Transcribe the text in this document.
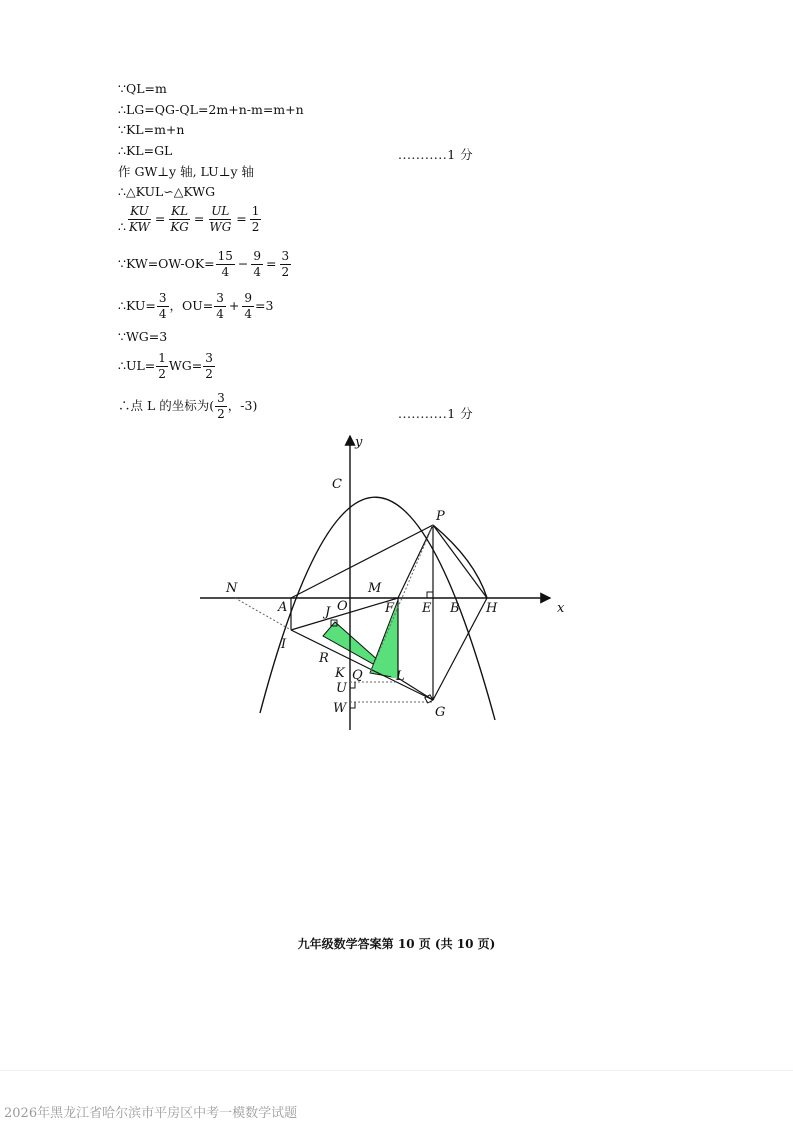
∵QL=m
∴LG=QG-QL=2m+n-m=m+n
∵KL=m+n
∴KL=GL	...........1 分
作 GW⊥y 轴, LU⊥y 轴
∴△KUL∽△KWG
∴ $\frac{KU}{KW} = \frac{KL}{KG} = \frac{UL}{WG} = \frac{1}{2}$
∵KW=OW-OK= $\frac{15}{4} - \frac{9}{4} = \frac{3}{2}$
∴KU= $\frac{3}{4}$ ，$OU= \frac{3}{4} + \frac{9}{4} =3$
∵WG=3
∴UL= $\frac{1}{2} WG= \frac{3}{2}$
∴点 L 的坐标为( $\frac{3}{2}$ ，-3)
...........1 分
y
x
C
P
N	M
A	O	F E B H
J
I
R
K Q	L
U
W	G
九年级数学答案第 10 页 (共 10 页)
2026年黑龙江省哈尔滨市平房区中考一模数学试题
